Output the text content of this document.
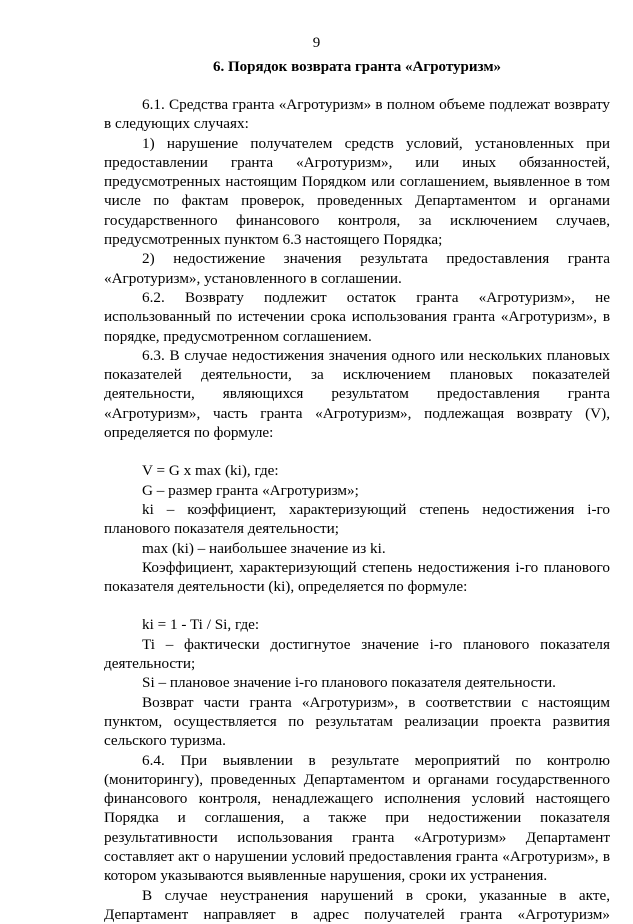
9
6. Порядок возврата гранта «Агротуризм»

6.1. Средства гранта «Агротуризм» в полном объеме подлежат возврату в следующих случаях:

1) нарушение получателем средств условий, установленных при предоставлении гранта «Агротуризм», или иных обязанностей, предусмотренных настоящим Порядком или соглашением, выявленное в том числе по фактам проверок, проведенных Департаментом и органами государственного финансового контроля, за исключением случаев, предусмотренных пунктом 6.3 настоящего Порядка;

2) недостижение значения результата предоставления гранта «Агротуризм», установленного в соглашении.

6.2. Возврату подлежит остаток гранта «Агротуризм», не использованный по истечении срока использования гранта «Агротуризм», в порядке, предусмотренном соглашением.

6.3. В случае недостижения значения одного или нескольких плановых показателей деятельности, за исключением плановых показателей деятельности, являющихся результатом предоставления гранта «Агротуризм», часть гранта «Агротуризм», подлежащая возврату (V), определяется по формуле:

V = G x max (ki), где:

G – размер гранта «Агротуризм»;

ki – коэффициент, характеризующий степень недостижения i-го планового показателя деятельности;

max (ki) – наибольшее значение из ki.

Коэффициент, характеризующий степень недостижения i-го планового показателя деятельности (ki), определяется по формуле:

ki = 1 - Ti / Si, где:

Ti – фактически достигнутое значение i-го планового показателя деятельности;

Si – плановое значение i-го планового показателя деятельности.

Возврат части гранта «Агротуризм», в соответствии с настоящим пунктом, осуществляется по результатам реализации проекта развития сельского туризма.

6.4. При выявлении в результате мероприятий по контролю (мониторингу), проведенных Департаментом и органами государственного финансового контроля, ненадлежащего исполнения условий настоящего Порядка и соглашения, а также при недостижении показателя результативности использования гранта «Агротуризм» Департамент составляет акт о нарушении условий предоставления гранта «Агротуризм», в котором указываются выявленные нарушения, сроки их устранения.

В случае неустранения нарушений в сроки, указанные в акте, Департамент направляет в адрес получателей гранта «Агротуризм»
